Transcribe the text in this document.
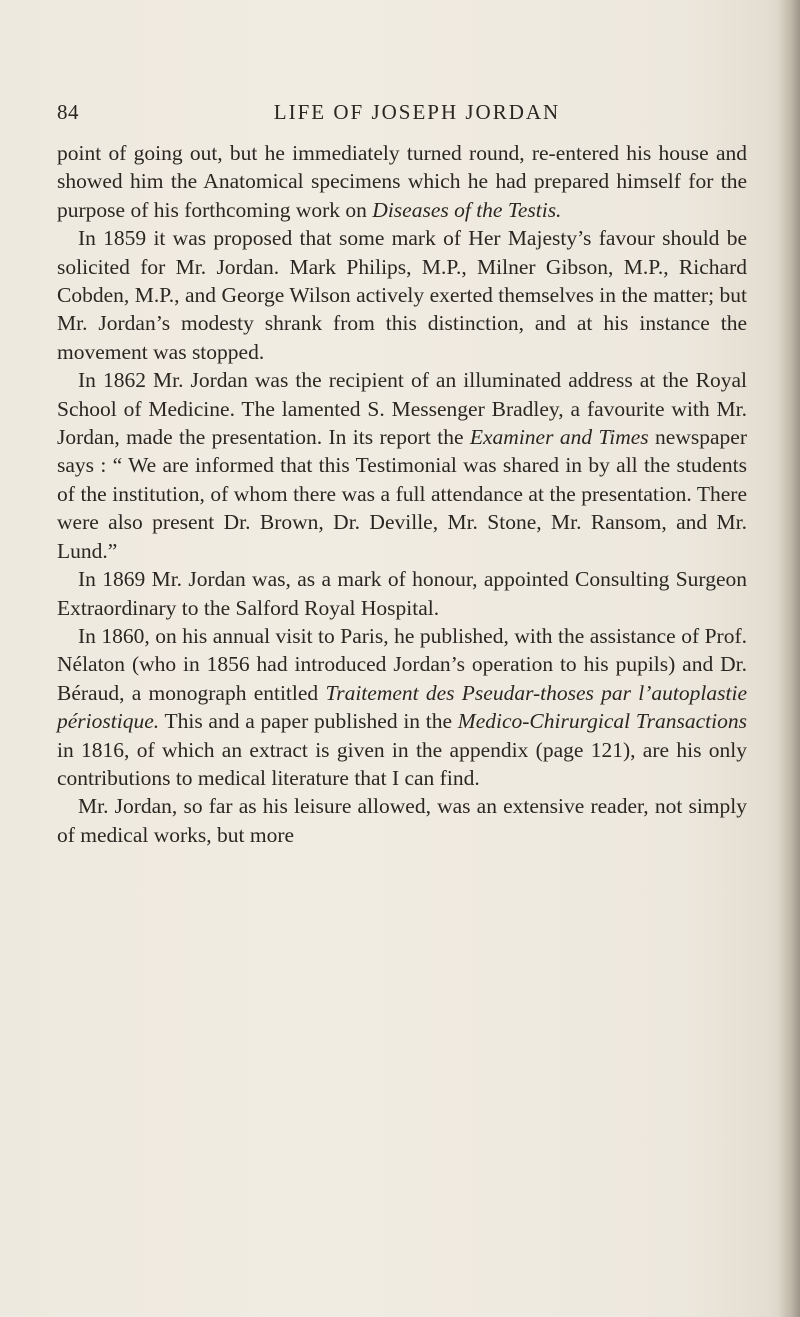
84	LIFE OF JOSEPH JORDAN

point of going out, but he immediately turned round, re-entered his house and showed him the Anatomical specimens which he had prepared himself for the purpose of his forthcoming work on Diseases of the Testis.

In 1859 it was proposed that some mark of Her Majesty’s favour should be solicited for Mr. Jordan. Mark Philips, M.P., Milner Gibson, M.P., Richard Cobden, M.P., and George Wilson actively exerted themselves in the matter; but Mr. Jordan’s modesty shrank from this distinction, and at his instance the movement was stopped.

In 1862 Mr. Jordan was the recipient of an illuminated address at the Royal School of Medicine. The lamented S. Messenger Bradley, a favourite with Mr. Jordan, made the presentation. In its report the Examiner and Times newspaper says : “ We are informed that this Testimonial was shared in by all the students of the institution, of whom there was a full attendance at the presentation. There were also present Dr. Brown, Dr. Deville, Mr. Stone, Mr. Ransom, and Mr. Lund.”

In 1869 Mr. Jordan was, as a mark of honour, appointed Consulting Surgeon Extraordinary to the Salford Royal Hospital.

In 1860, on his annual visit to Paris, he published, with the assistance of Prof. Nélaton (who in 1856 had introduced Jordan’s operation to his pupils) and Dr. Béraud, a monograph entitled Traitement des Pseudar-thoses par l’autoplastie périostique. This and a paper published in the Medico-Chirurgical Transactions in 1816, of which an extract is given in the appendix (page 121), are his only contributions to medical literature that I can find.

Mr. Jordan, so far as his leisure allowed, was an extensive reader, not simply of medical works, but more
